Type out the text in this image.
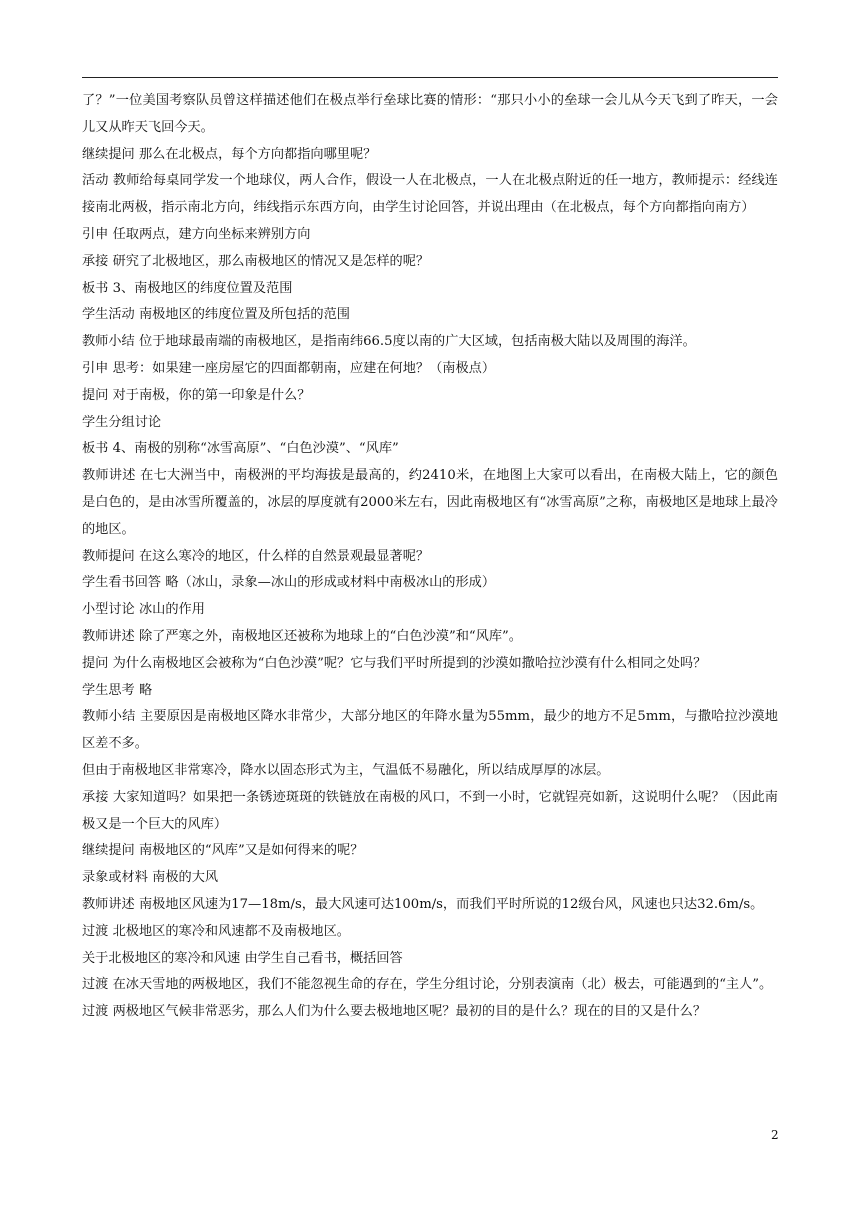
了？”一位美国考察队员曾这样描述他们在极点举行垒球比赛的情形：“那只小小的垒球一会儿从今天飞到了昨天，一会儿又从昨天飞回今天。

继续提问 那么在北极点，每个方向都指向哪里呢？

活动 教师给每桌同学发一个地球仪，两人合作，假设一人在北极点，一人在北极点附近的任一地方，教师提示：经线连接南北两极，指示南北方向，纬线指示东西方向，由学生讨论回答，并说出理由（在北极点，每个方向都指向南方）

引申 任取两点，建方向坐标来辨别方向

承接 研究了北极地区，那么南极地区的情况又是怎样的呢？

板书 3、南极地区的纬度位置及范围

学生活动 南极地区的纬度位置及所包括的范围

教师小结 位于地球最南端的南极地区，是指南纬66.5度以南的广大区域，包括南极大陆以及周围的海洋。

引申 思考：如果建一座房屋它的四面都朝南，应建在何地？（南极点）

提问 对于南极，你的第一印象是什么？

学生分组讨论

板书 4、南极的别称“冰雪高原”、“白色沙漠”、“风库”

教师讲述 在七大洲当中，南极洲的平均海拔是最高的，约2410米，在地图上大家可以看出，在南极大陆上，它的颜色是白色的，是由冰雪所覆盖的，冰层的厚度就有2000米左右，因此南极地区有“冰雪高原”之称，南极地区是地球上最冷的地区。

教师提问 在这么寒冷的地区，什么样的自然景观最显著呢？

学生看书回答 略（冰山，录象—冰山的形成或材料中南极冰山的形成）

小型讨论 冰山的作用

教师讲述 除了严寒之外，南极地区还被称为地球上的“白色沙漠”和“风库”。

提问 为什么南极地区会被称为“白色沙漠”呢？它与我们平时所提到的沙漠如撒哈拉沙漠有什么相同之处吗？

学生思考 略

教师小结 主要原因是南极地区降水非常少，大部分地区的年降水量为55mm，最少的地方不足5mm，与撒哈拉沙漠地区差不多。

但由于南极地区非常寒冷，降水以固态形式为主，气温低不易融化，所以结成厚厚的冰层。

承接 大家知道吗？如果把一条锈迹斑斑的铁链放在南极的风口，不到一小时，它就锃亮如新，这说明什么呢？（因此南极又是一个巨大的风库）

继续提问 南极地区的“风库”又是如何得来的呢？

录象或材料 南极的大风

教师讲述 南极地区风速为17—18m/s，最大风速可达100m/s，而我们平时所说的12级台风，风速也只达32.6m/s。

过渡 北极地区的寒冷和风速都不及南极地区。

关于北极地区的寒冷和风速 由学生自己看书，概括回答

过渡 在冰天雪地的两极地区，我们不能忽视生命的存在，学生分组讨论，分别表演南（北）极去，可能遇到的“主人”。

过渡 两极地区气候非常恶劣，那么人们为什么要去极地地区呢？最初的目的是什么？现在的目的又是什么？

2
